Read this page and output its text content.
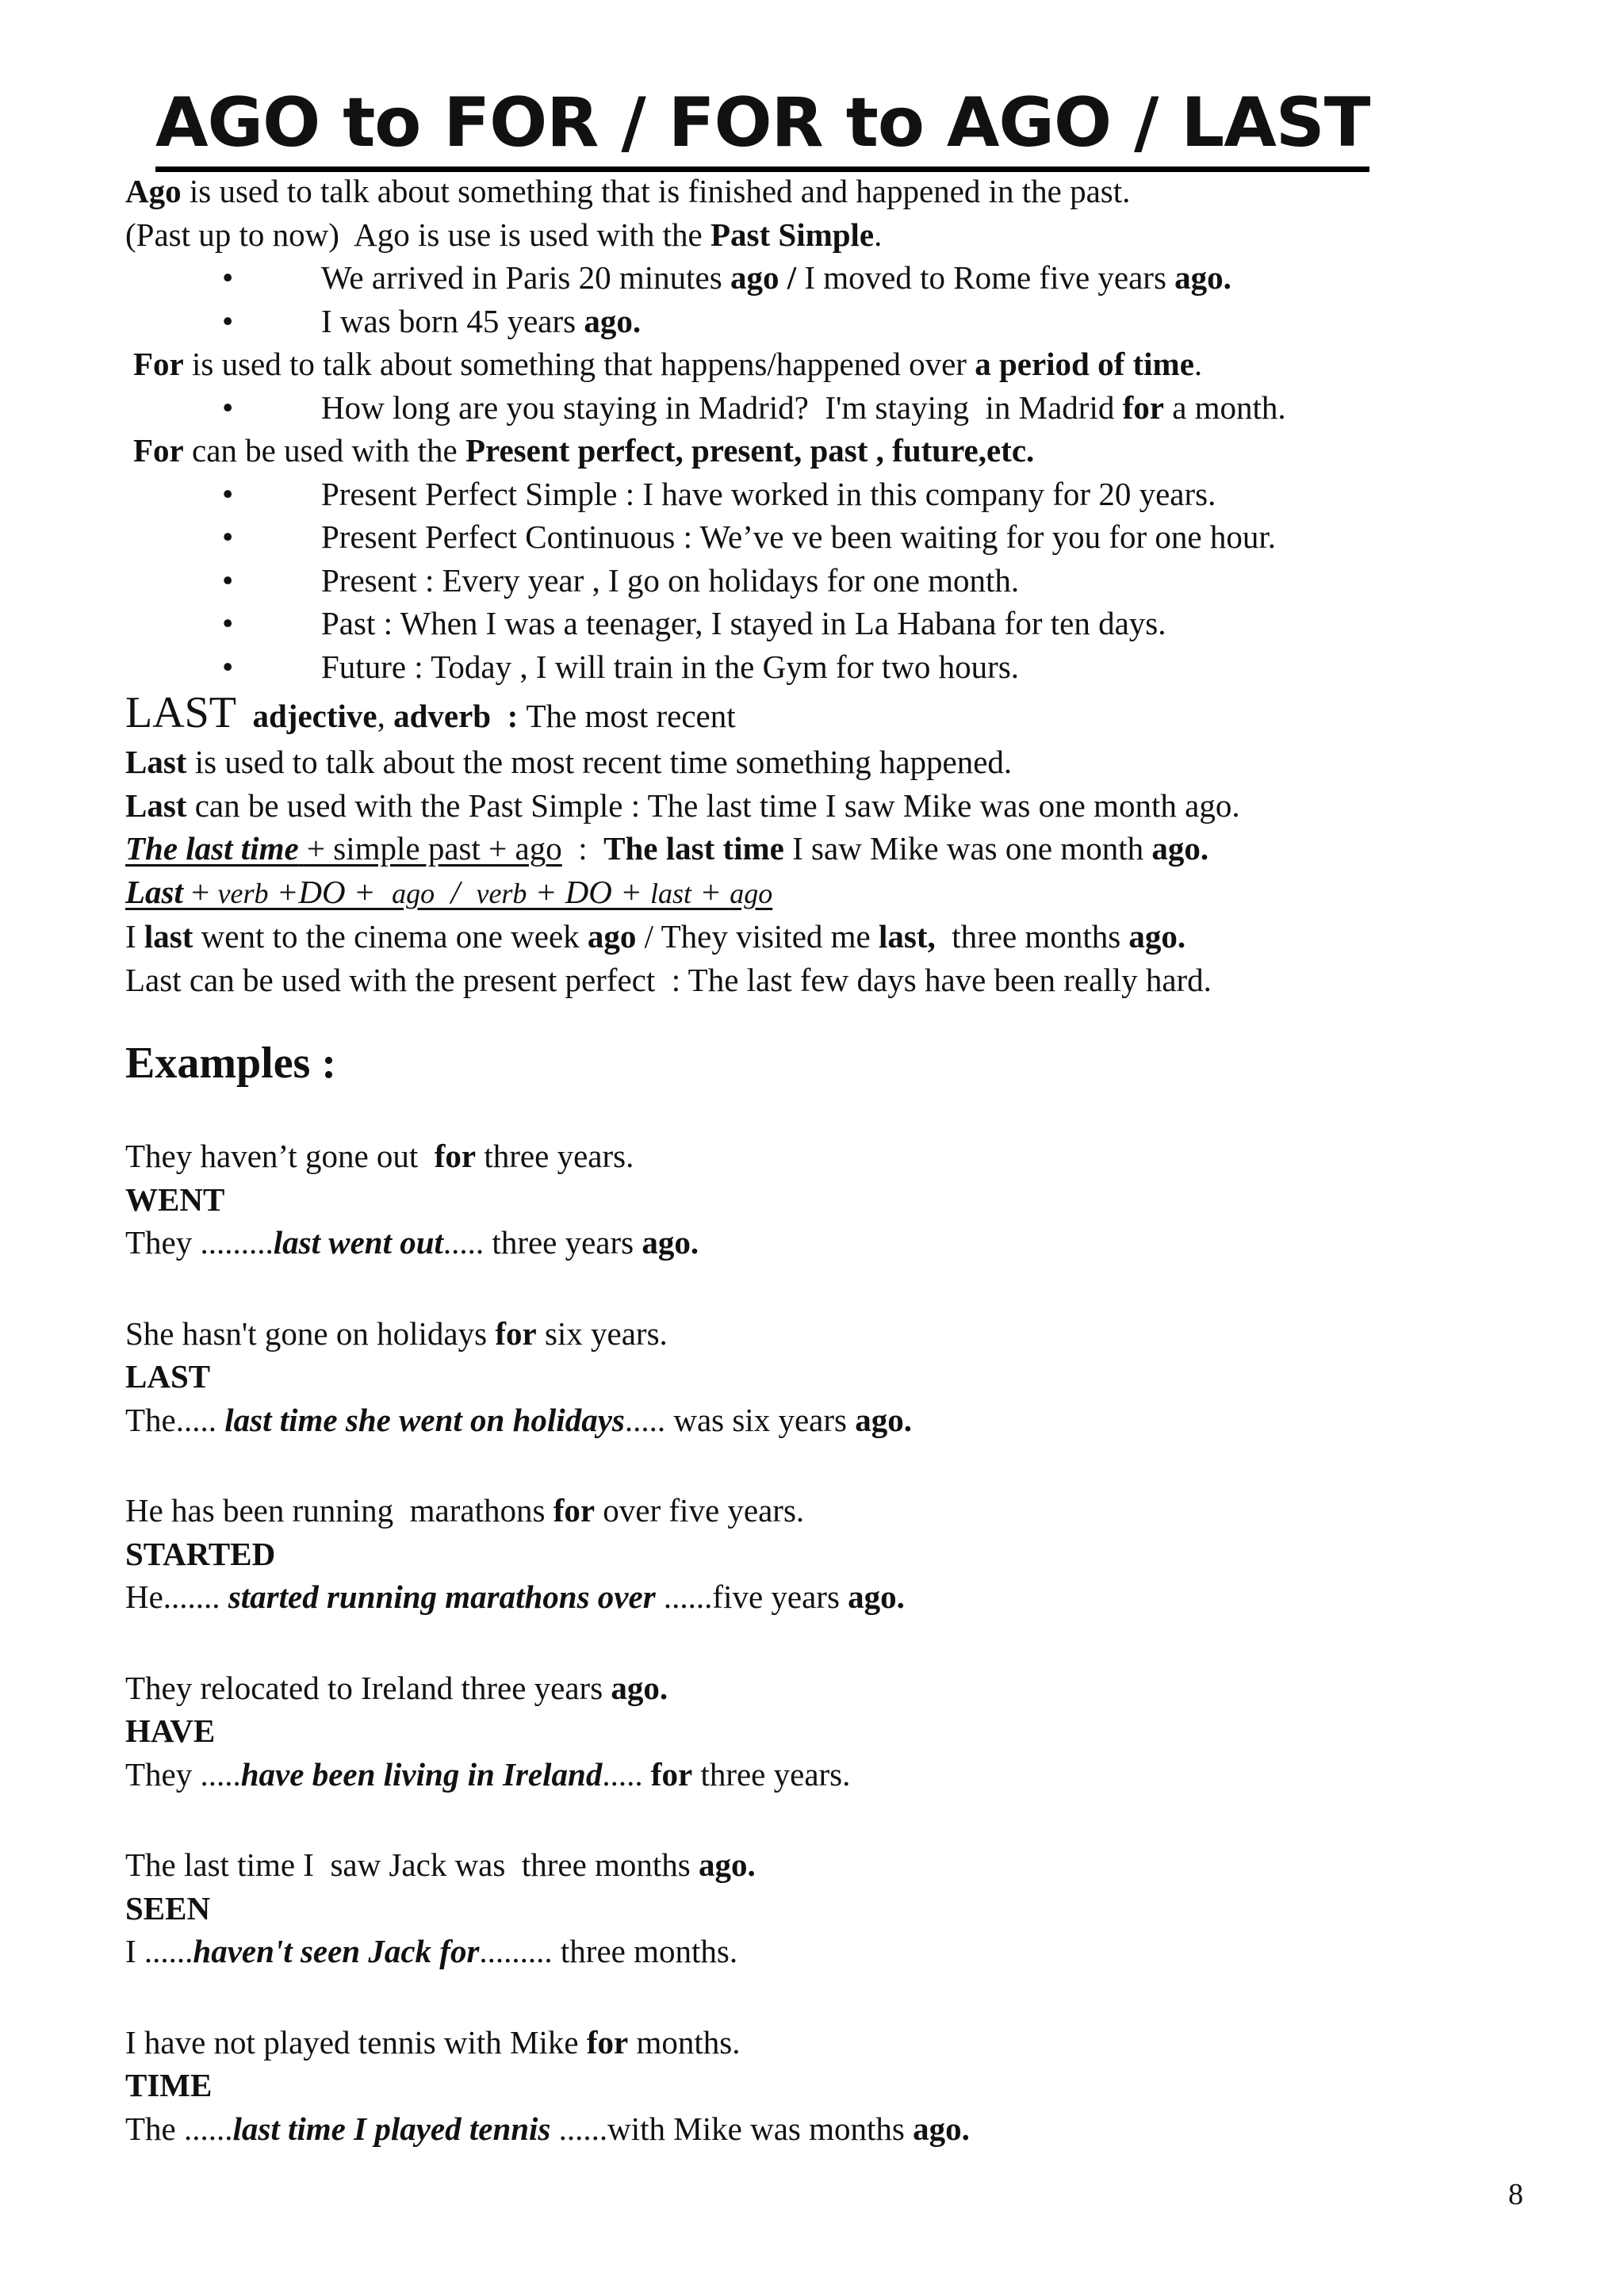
AGO to FOR / FOR to AGO / LAST
Ago is used to talk about something that is finished and happened in the past.
(Past up to now)  Ago is use is used with the Past Simple.
•	We arrived in Paris 20 minutes ago / I moved to Rome five years ago.
•	I was born 45 years ago.
For is used to talk about something that happens/happened over a period of time.
•	How long are you staying in Madrid?  I'm staying  in Madrid for a month.
For can be used with the Present perfect, present, past , future,etc.
•	Present Perfect Simple : I have worked in this company for 20 years.
•	Present Perfect Continuous : We’ve ve been waiting for you for one hour.
•	Present : Every year , I go on holidays for one month.
•	Past : When I was a teenager, I stayed in La Habana for ten days.
•	Future : Today , I will train in the Gym for two hours.
LAST adjective, adverb  : The most recent
Last is used to talk about the most recent time something happened.
Last can be used with the Past Simple : The last time I saw Mike was one month ago.
The last time + simple past + ago  :  The last time I saw Mike was one month ago.
Last + verb +DO +  ago  /  verb + DO + last + ago
I last went to the cinema one week ago / They visited me last,  three months ago.
Last can be used with the present perfect  : The last few days have been really hard.
Examples :
They haven’t gone out  for three years.
WENT
They .........last went out..... three years ago.
She hasn't gone on holidays for six years.
LAST
The..... last time she went on holidays..... was six years ago.
He has been running  marathons for over five years.
STARTED
He....... started running marathons over ......five years ago.
They relocated to Ireland three years ago.
HAVE
They .....have been living in Ireland..... for three years.
The last time I  saw Jack was  three months ago.
SEEN
I ......haven't seen Jack for......... three months.
I have not played tennis with Mike for months.
TIME
The ......last time I played tennis ......with Mike was months ago.
8
